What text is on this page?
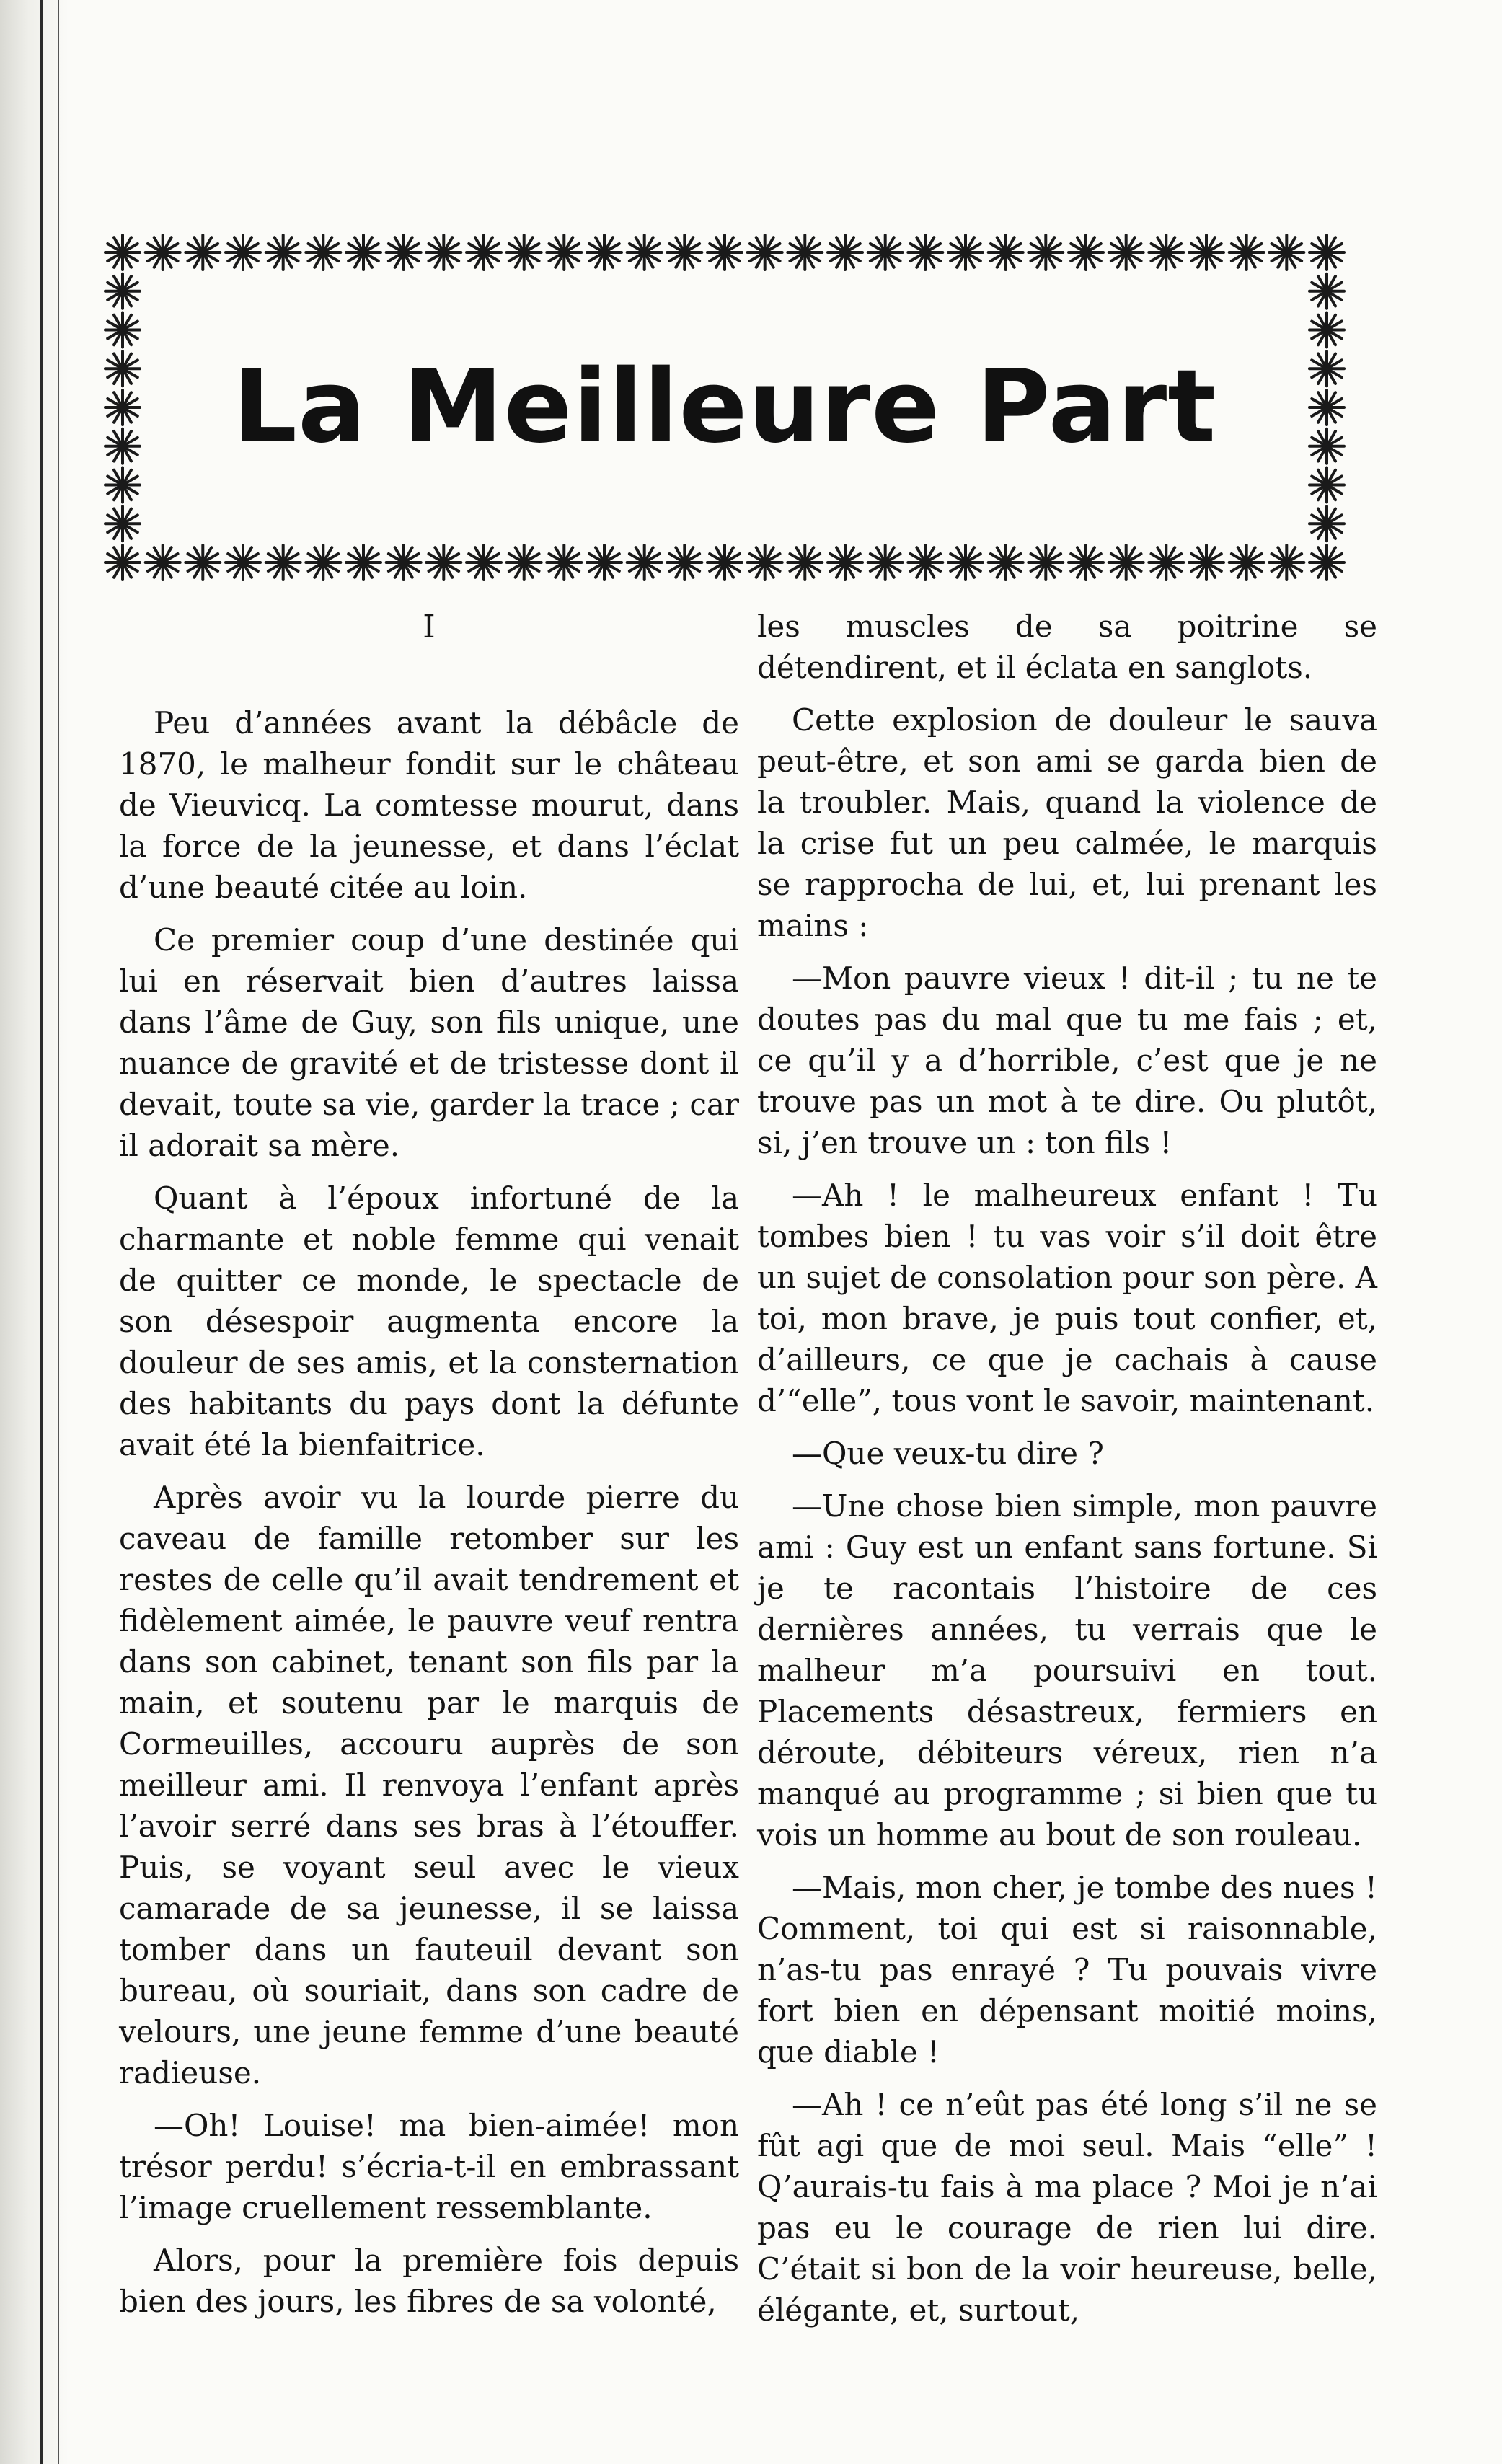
La Meilleure Part
I

Peu d’années avant la débâcle de 1870, le malheur fondit sur le château de Vieuvicq. La comtesse mourut, dans la force de la jeunesse, et dans l’éclat d’une beauté citée au loin.

Ce premier coup d’une destinée qui lui en réservait bien d’autres laissa dans l’âme de Guy, son fils unique, une nuance de gravité et de tristesse dont il devait, toute sa vie, garder la trace ; car il adorait sa mère.

Quant à l’époux infortuné de la charmante et noble femme qui venait de quitter ce monde, le spectacle de son désespoir augmenta encore la douleur de ses amis, et la consternation des habitants du pays dont la défunte avait été la bienfaitrice.

Après avoir vu la lourde pierre du caveau de famille retomber sur les restes de celle qu’il avait tendrement et fidèlement aimée, le pauvre veuf rentra dans son cabinet, tenant son fils par la main, et soutenu par le marquis de Cormeuilles, accouru auprès de son meilleur ami. Il renvoya l’enfant après l’avoir serré dans ses bras à l’étouffer. Puis, se voyant seul avec le vieux camarade de sa jeunesse, il se laissa tomber dans un fauteuil devant son bureau, où souriait, dans son cadre de velours, une jeune femme d’une beauté radieuse.

—Oh! Louise! ma bien-aimée! mon trésor perdu! s’écria-t-il en embrassant l’image cruellement ressemblante.

Alors, pour la première fois depuis bien des jours, les fibres de sa volonté,

les muscles de sa poitrine se détendirent, et il éclata en sanglots.

Cette explosion de douleur le sauva peut-être, et son ami se garda bien de la troubler. Mais, quand la violence de la crise fut un peu calmée, le marquis se rapprocha de lui, et, lui prenant les mains :

—Mon pauvre vieux ! dit-il ; tu ne te doutes pas du mal que tu me fais ; et, ce qu’il y a d’horrible, c’est que je ne trouve pas un mot à te dire. Ou plutôt, si, j’en trouve un : ton fils !

—Ah ! le malheureux enfant ! Tu tombes bien ! tu vas voir s’il doit être un sujet de consolation pour son père. A toi, mon brave, je puis tout confier, et, d’ailleurs, ce que je cachais à cause d’“elle”, tous vont le savoir, maintenant.

—Que veux-tu dire ?

—Une chose bien simple, mon pauvre ami : Guy est un enfant sans fortune. Si je te racontais l’histoire de ces dernières années, tu verrais que le malheur m’a poursuivi en tout. Placements désastreux, fermiers en déroute, débiteurs véreux, rien n’a manqué au programme ; si bien que tu vois un homme au bout de son rouleau.

—Mais, mon cher, je tombe des nues ! Comment, toi qui est si raisonnable, n’as-tu pas enrayé ? Tu pouvais vivre fort bien en dépensant moitié moins, que diable !

—Ah ! ce n’eût pas été long s’il ne se fût agi que de moi seul. Mais “elle” ! Q’aurais-tu fais à ma place ? Moi je n’ai pas eu le courage de rien lui dire. C’était si bon de la voir heureuse, belle, élégante, et, surtout,
